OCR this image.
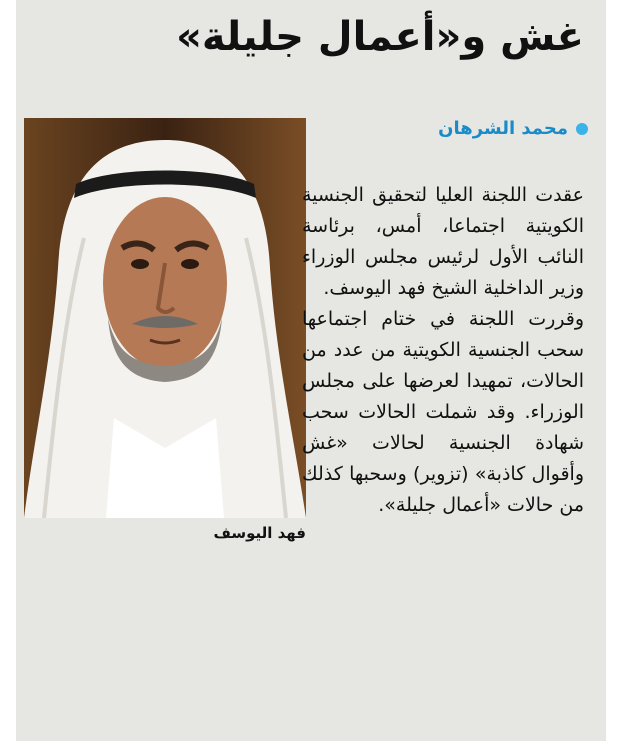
غش و«أعمال جليلة»
محمد الشرهان
فهد اليوسف

عقدت اللجنة العليا لتحقيق الجنسية الكويتية اجتماعا، أمس، برئاسة النائب الأول لرئيس مجلس الوزراء وزير الداخلية الشيخ فهد اليوسف.

وقررت اللجنة في ختام اجتماعها سحب الجنسية الكويتية من عدد من الحالات، تمهيدا لعرضها على مجلس الوزراء. وقد شملت الحالات سحب شهادة الجنسية لحالات «غش وأقوال كاذبة» (تزوير) وسحبها كذلك من حالات «أعمال جليلة».
